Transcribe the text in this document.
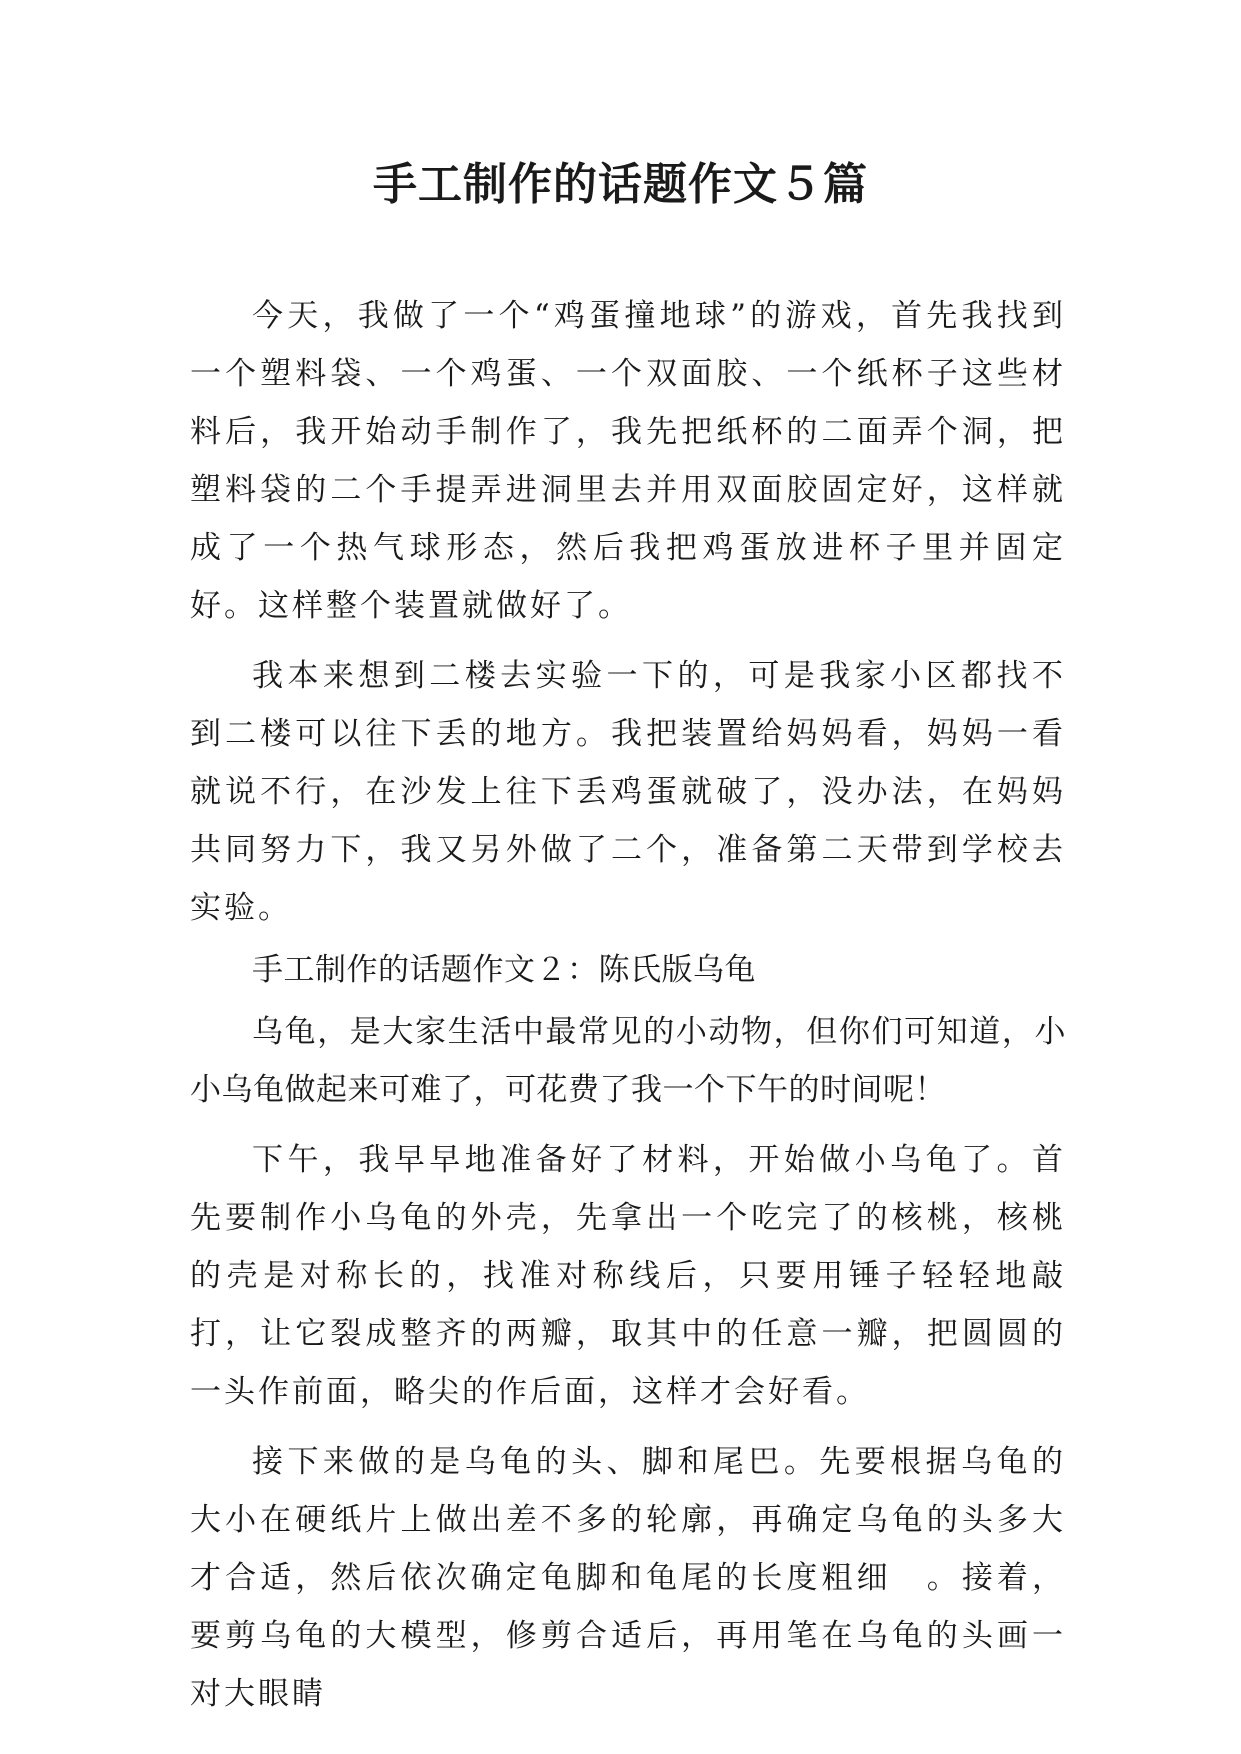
手工制作的话题作文５篇

今天，我做了一个“鸡蛋撞地球”的游戏，首先我找到一个塑料袋、一个鸡蛋、一个双面胶、一个纸杯子这些材料后，我开始动手制作了，我先把纸杯的二面弄个洞，把塑料袋的二个手提弄进洞里去并用双面胶固定好，这样就成了一个热气球形态，然后我把鸡蛋放进杯子里并固定好。这样整个装置就做好了。

我本来想到二楼去实验一下的，可是我家小区都找不到二楼可以往下丢的地方。我把装置给妈妈看，妈妈一看就说不行，在沙发上往下丢鸡蛋就破了，没办法，在妈妈共同努力下，我又另外做了二个，准备第二天带到学校去实验。

手工制作的话题作文２：陈氏版乌龟

乌龟，是大家生活中最常见的小动物，但你们可知道，小小乌龟做起来可难了，可花费了我一个下午的时间呢！

下午，我早早地准备好了材料，开始做小乌龟了。首先要制作小乌龟的外壳，先拿出一个吃完了的核桃，核桃的壳是对称长的，找准对称线后，只要用锤子轻轻地敲打，让它裂成整齐的两瓣，取其中的任意一瓣，把圆圆的一头作前面，略尖的作后面，这样才会好看。

接下来做的是乌龟的头、脚和尾巴。先要根据乌龟的大小在硬纸片上做出差不多的轮廓，再确定乌龟的头多大才合适，然后依次确定龟脚和龟尾的长度粗细　。接着，要剪乌龟的大模型，修剪合适后，再用笔在乌龟的头画一对大眼睛
